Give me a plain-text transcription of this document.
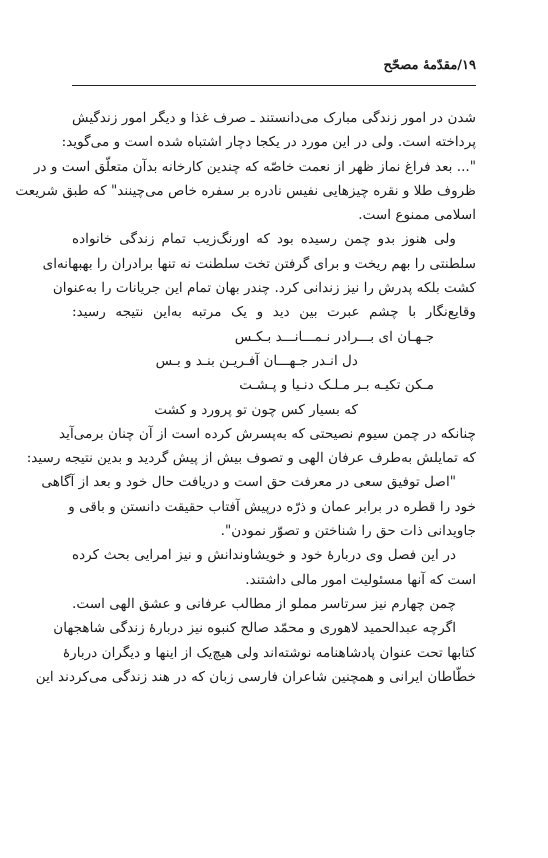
۱۹/مقدّمهٔ مصحّح
شدن در امور زندگی مبارک می‌دانستند ـ صرف غذا و دیگر امور زندگیش
پرداخته است. ولی در این مورد در یکجا دچار اشتباه شده است و می‌گوید:
"... بعد فراغ نماز ظهر از نعمت خاصّه که چندین کارخانه بدآن متعلّق است و در
ظروف طلا و نقره چیزهایی نفیس نادره بر سفره خاص می‌چینند" که طبق شریعت
اسلامی ممنوع است.
ولی هنوز بدو چمن رسیده بود که اورنگ‌زیب تمام زندگی خانواده
سلطنتی را بهم ریخت و برای گرفتن تخت سلطنت نه تنها برادران را بهبهانه‌ای
کشت بلکه پدرش را نیز زندانی کرد. چندر بهان تمام این جریانات را به‌عنوان
وقایع‌نگار با چشم عبرت بین دید و یک مرتبه به‌این نتیجه رسید:
جـهـان ای بـــرادر نـمـــانـــد بـکـس
دل انـدر جـهـــان آفـریـن بنـد و بـس
مـکن تکیـه بـر مـلـک دنـیا و پـشـت
که بسیار کس چون تو پرورد و کشت
چنانکه در چمن سیوم نصیحتی که به‌پسرش کرده است از آن چنان برمی‌آید
که تمایلش به‌طرف عرفان الهی و تصوف بیش از پیش گردید و بدین نتیجه رسید:
"اصل توفیق سعی در معرفت حق است و دریافت حال خود و بعد از آگاهی
خود را قطره در برابر عمان و ذرّه درپیش آفتاب حقیقت دانستن و باقی و
جاویدانی ذات حق را شناختن و تصوّر نمودن".
در این فصل وی دربارهٔ خود و خویشاوندانش و نیز امرایی بحث کرده
است که آنها مسئولیت امور مالی داشتند.
چمن چهارم نیز سرتاسر مملو از مطالب عرفانی و عشق الهی است.
اگرچه عبدالحمید لاهوری و محمّد صالح کنبوه نیز دربارهٔ زندگی شاهجهان
کتابها تحت عنوان پادشاهنامه نوشته‌اند ولی هیچ‌یک از اینها و دیگران دربارهٔ
خطّاطان ایرانی و همچنین شاعران فارسی زبان که در هند زندگی می‌کردند این
